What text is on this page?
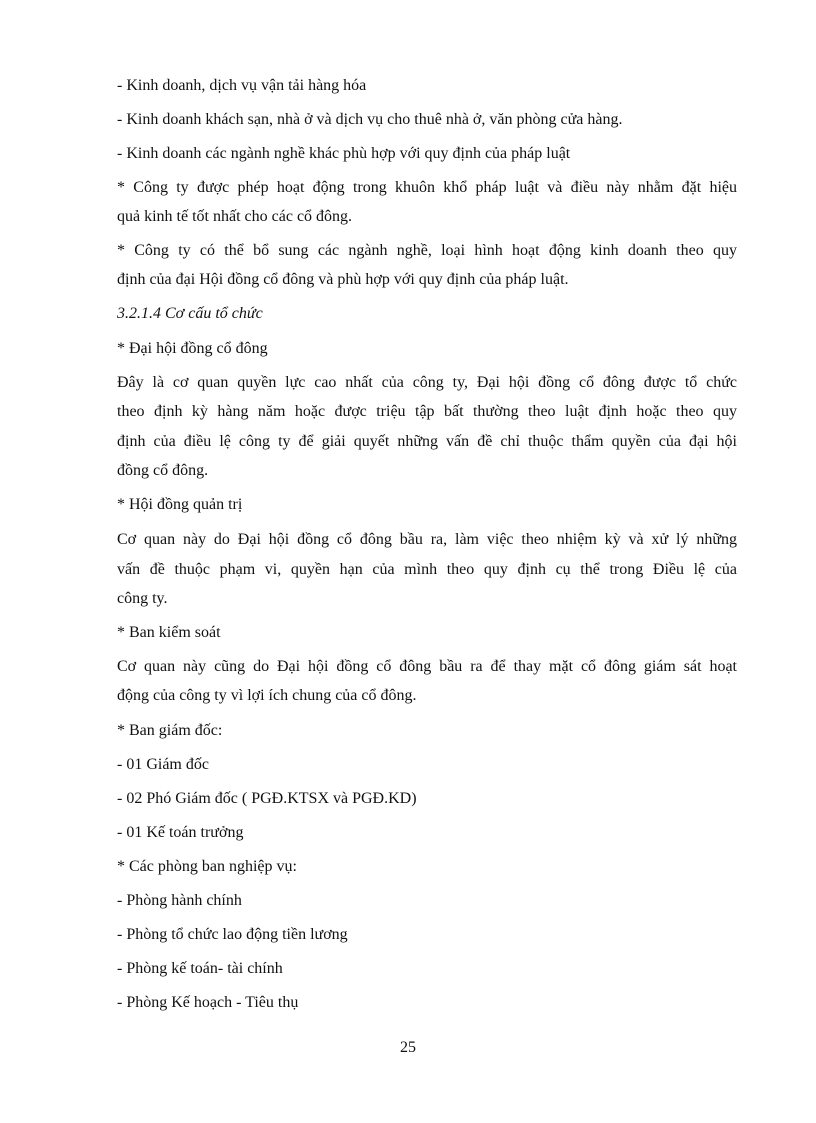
- Kinh doanh, dịch vụ vận tải hàng hóa
- Kinh doanh khách sạn, nhà ở và dịch vụ cho thuê nhà ở, văn phòng cửa hàng.
- Kinh doanh các ngành nghề khác phù hợp với quy định của pháp luật
* Công ty được phép hoạt động trong khuôn khổ pháp luật và điều này nhằm đặt hiệu
quả kinh tế tốt nhất cho các cổ đông.
* Công ty có thể bổ sung các ngành nghề, loại hình hoạt động kinh doanh theo quy
định của đại Hội đồng cổ đông và phù hợp với quy định của pháp luật.
3.2.1.4 Cơ cấu tổ chức
* Đại hội đồng cổ đông
Đây là cơ quan quyền lực cao nhất của công ty, Đại hội đồng cổ đông được tổ chức
theo định kỳ hàng năm hoặc được triệu tập bất thường theo luật định hoặc theo quy
định của điều lệ công ty để giải quyết những vấn đề chỉ thuộc thẩm quyền của đại hội
đồng cổ đông.
* Hội đồng quản trị
Cơ quan này do Đại hội đồng cổ đông bầu ra, làm việc theo nhiệm kỳ và xử lý những
vấn đề thuộc phạm vi, quyền hạn của mình theo quy định cụ thể trong Điều lệ của
công ty.
* Ban kiểm soát
Cơ quan này cũng do Đại hội đồng cổ đông bầu ra để thay mặt cổ đông giám sát hoạt
động của công ty vì lợi ích chung của cổ đông.
* Ban giám đốc:
- 01 Giám đốc
- 02 Phó Giám đốc ( PGĐ.KTSX và PGĐ.KD)
- 01 Kế toán trưởng
* Các phòng ban nghiệp vụ:
- Phòng hành chính
- Phòng tổ chức lao động tiền lương
- Phòng kế toán- tài chính
- Phòng Kế hoạch - Tiêu thụ
25
